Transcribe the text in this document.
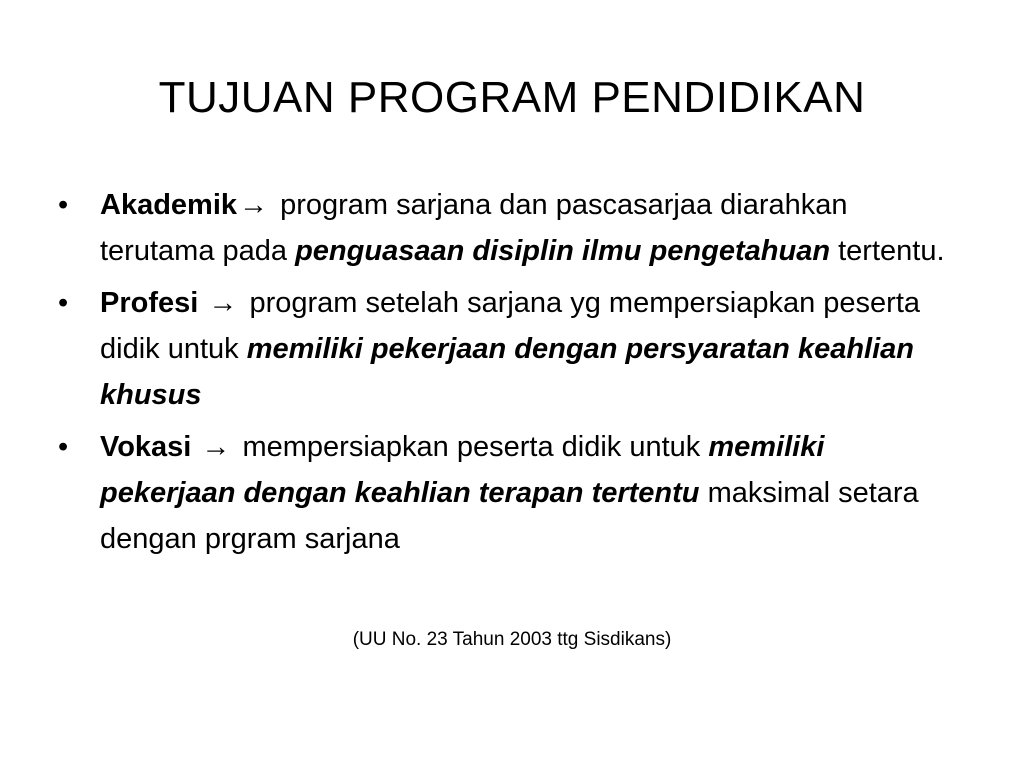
TUJUAN PROGRAM PENDIDIKAN
• Akademik→ program sarjana dan pascasarjaa diarahkan terutama pada penguasaan disiplin ilmu pengetahuan tertentu.
• Profesi → program setelah sarjana yg mempersiapkan peserta didik untuk memiliki pekerjaan dengan persyaratan keahlian khusus
• Vokasi → mempersiapkan peserta didik untuk memiliki pekerjaan dengan keahlian terapan tertentu maksimal setara dengan prgram sarjana
(UU No. 23 Tahun 2003 ttg Sisdikans)
